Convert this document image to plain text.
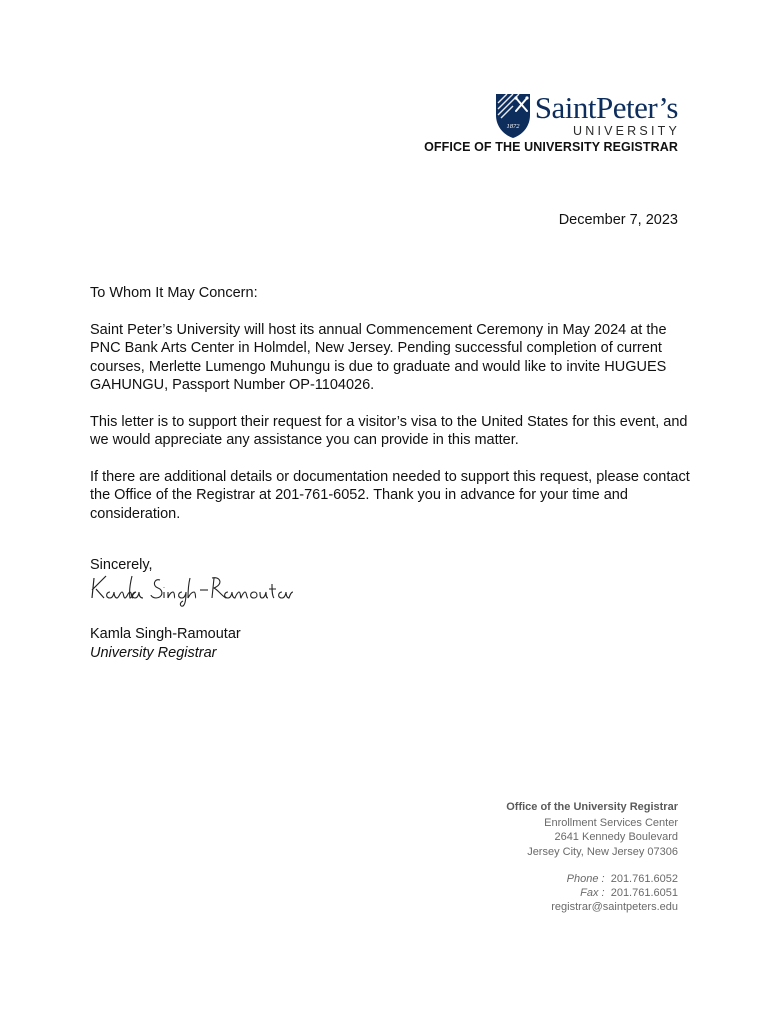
1872
SaintPeter’s
UNIVERSITY
OFFICE OF THE UNIVERSITY REGISTRAR
December 7, 2023

To Whom It May Concern:

Saint Peter’s University will host its annual Commencement Ceremony in May 2024 at the PNC Bank Arts Center in Holmdel, New Jersey. Pending successful completion of current courses, Merlette Lumengo Muhungu is due to graduate and would like to invite HUGUES GAHUNGU, Passport Number OP-1104026.

This letter is to support their request for a visitor’s visa to the United States for this event, and we would appreciate any assistance you can provide in this matter.

If there are additional details or documentation needed to support this request, please contact the Office of the Registrar at 201-761-6052. Thank you in advance for your time and consideration.

Sincerely,
Kamla Singh-Ramoutar
University Registrar
Office of the University Registrar
Enrollment Services Center
2641 Kennedy Boulevard
Jersey City, New Jersey 07306
Phone : 201.761.6052
Fax : 201.761.6051
registrar@saintpeters.edu
